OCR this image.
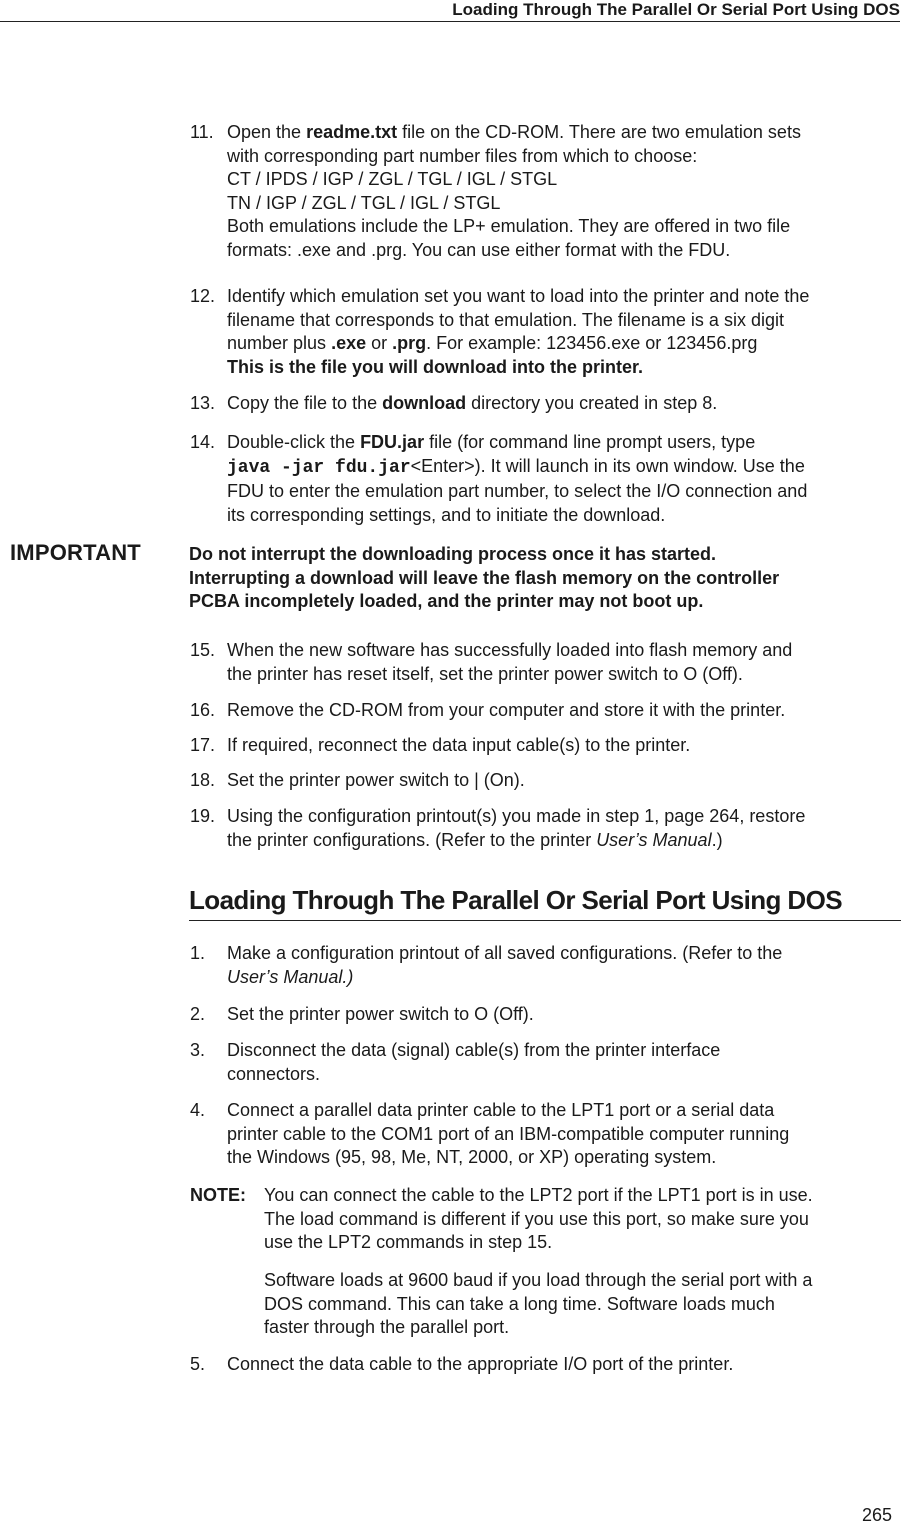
Loading Through The Parallel Or Serial Port Using DOS
11. Open the readme.txt file on the CD-ROM. There are two emulation sets
with corresponding part number files from which to choose:
CT / IPDS / IGP / ZGL / TGL / IGL / STGL
TN / IGP / ZGL / TGL / IGL / STGL
Both emulations include the LP+ emulation. They are offered in two file
formats: .exe and .prg. You can use either format with the FDU.
12. Identify which emulation set you want to load into the printer and note the
filename that corresponds to that emulation. The filename is a six digit
number plus .exe or .prg. For example: 123456.exe or 123456.prg
This is the file you will download into the printer.
13. Copy the file to the download directory you created in step 8.
14. Double-click the FDU.jar file (for command line prompt users, type
java -jar fdu.jar<Enter>). It will launch in its own window. Use the
FDU to enter the emulation part number, to select the I/O connection and
its corresponding settings, and to initiate the download.
IMPORTANT	Do not interrupt the downloading process once it has started.
Interrupting a download will leave the flash memory on the controller
PCBA incompletely loaded, and the printer may not boot up.
15. When the new software has successfully loaded into flash memory and
the printer has reset itself, set the printer power switch to O (Off).
16. Remove the CD-ROM from your computer and store it with the printer.
17. If required, reconnect the data input cable(s) to the printer.
18. Set the printer power switch to | (On).
19. Using the configuration printout(s) you made in step 1, page 264, restore
the printer configurations. (Refer to the printer User’s Manual.)
Loading Through The Parallel Or Serial Port Using DOS
1. Make a configuration printout of all saved configurations. (Refer to the
User’s Manual.)
2. Set the printer power switch to O (Off).
3. Disconnect the data (signal) cable(s) from the printer interface
connectors.
4. Connect a parallel data printer cable to the LPT1 port or a serial data
printer cable to the COM1 port of an IBM-compatible computer running
the Windows (95, 98, Me, NT, 2000, or XP) operating system.
NOTE: You can connect the cable to the LPT2 port if the LPT1 port is in use.
The load command is different if you use this port, so make sure you
use the LPT2 commands in step 15.
Software loads at 9600 baud if you load through the serial port with a
DOS command. This can take a long time. Software loads much
faster through the parallel port.
5. Connect the data cable to the appropriate I/O port of the printer.
265
